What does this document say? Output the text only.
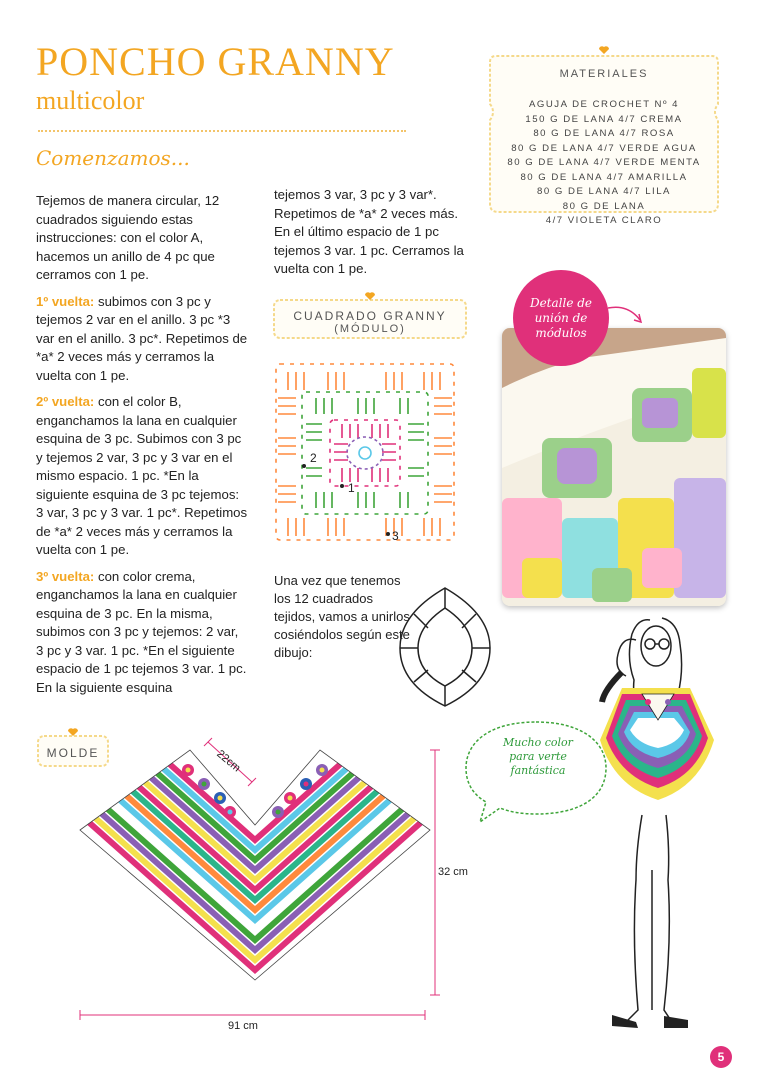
PONCHO GRANNY
multicolor
Comenzamos...

Tejemos de manera circular, 12 cuadrados siguiendo estas instrucciones: con el color A, hacemos un anillo de 4 pc que cerramos con 1 pe.

1º vuelta: subimos con 3 pc y tejemos 2 var en el anillo. 3 pc *3 var en el anillo. 3 pc*. Repetimos de *a* 2 veces más y cerramos la vuelta con 1 pe.

2º vuelta: con el color B, enganchamos la lana en cualquier esquina de 3 pc. Subimos con 3 pc y tejemos 2 var, 3 pc y 3 var en el mismo espacio. 1 pc. *En la siguiente esquina de 3 pc tejemos: 3 var, 3 pc y 3 var. 1 pc*. Repetimos de *a* 2 veces más y cerramos la vuelta con 1 pe.

3º vuelta: con color crema, enganchamos la lana en cualquier esquina de 3 pc. En la misma, subimos con 3 pc y tejemos: 2 var, 3 pc y 3 var. 1 pc. *En el siguiente espacio de 1 pc tejemos 3 var. 1 pc. En la siguiente esquina

tejemos 3 var, 3 pc y 3 var*. Repetimos de *a* 2 veces más. En el último espacio de 1 pc tejemos 3 var. 1 pc. Cerramos la vuelta con 1 pe.

MATERIALES
AGUJA DE CROCHET Nº 4
150 G DE LANA 4/7 CREMA
80 G DE LANA 4/7 ROSA
80 G DE LANA 4/7 VERDE AGUA
80 G DE LANA 4/7 VERDE MENTA
80 G DE LANA 4/7 AMARILLA
80 G DE LANA 4/7 LILA
80 G DE LANA
4/7 VIOLETA CLARO
CUADRADO GRANNY
(MÓDULO)
2
1
3
Una vez que tenemos los 12 cuadrados tejidos, vamos a unirlos cosiéndolos según este dibujo:
Detalle de unión de módulos
MOLDE	22cm
32 cm
91 cm
Mucho color para verte fantástica
5
